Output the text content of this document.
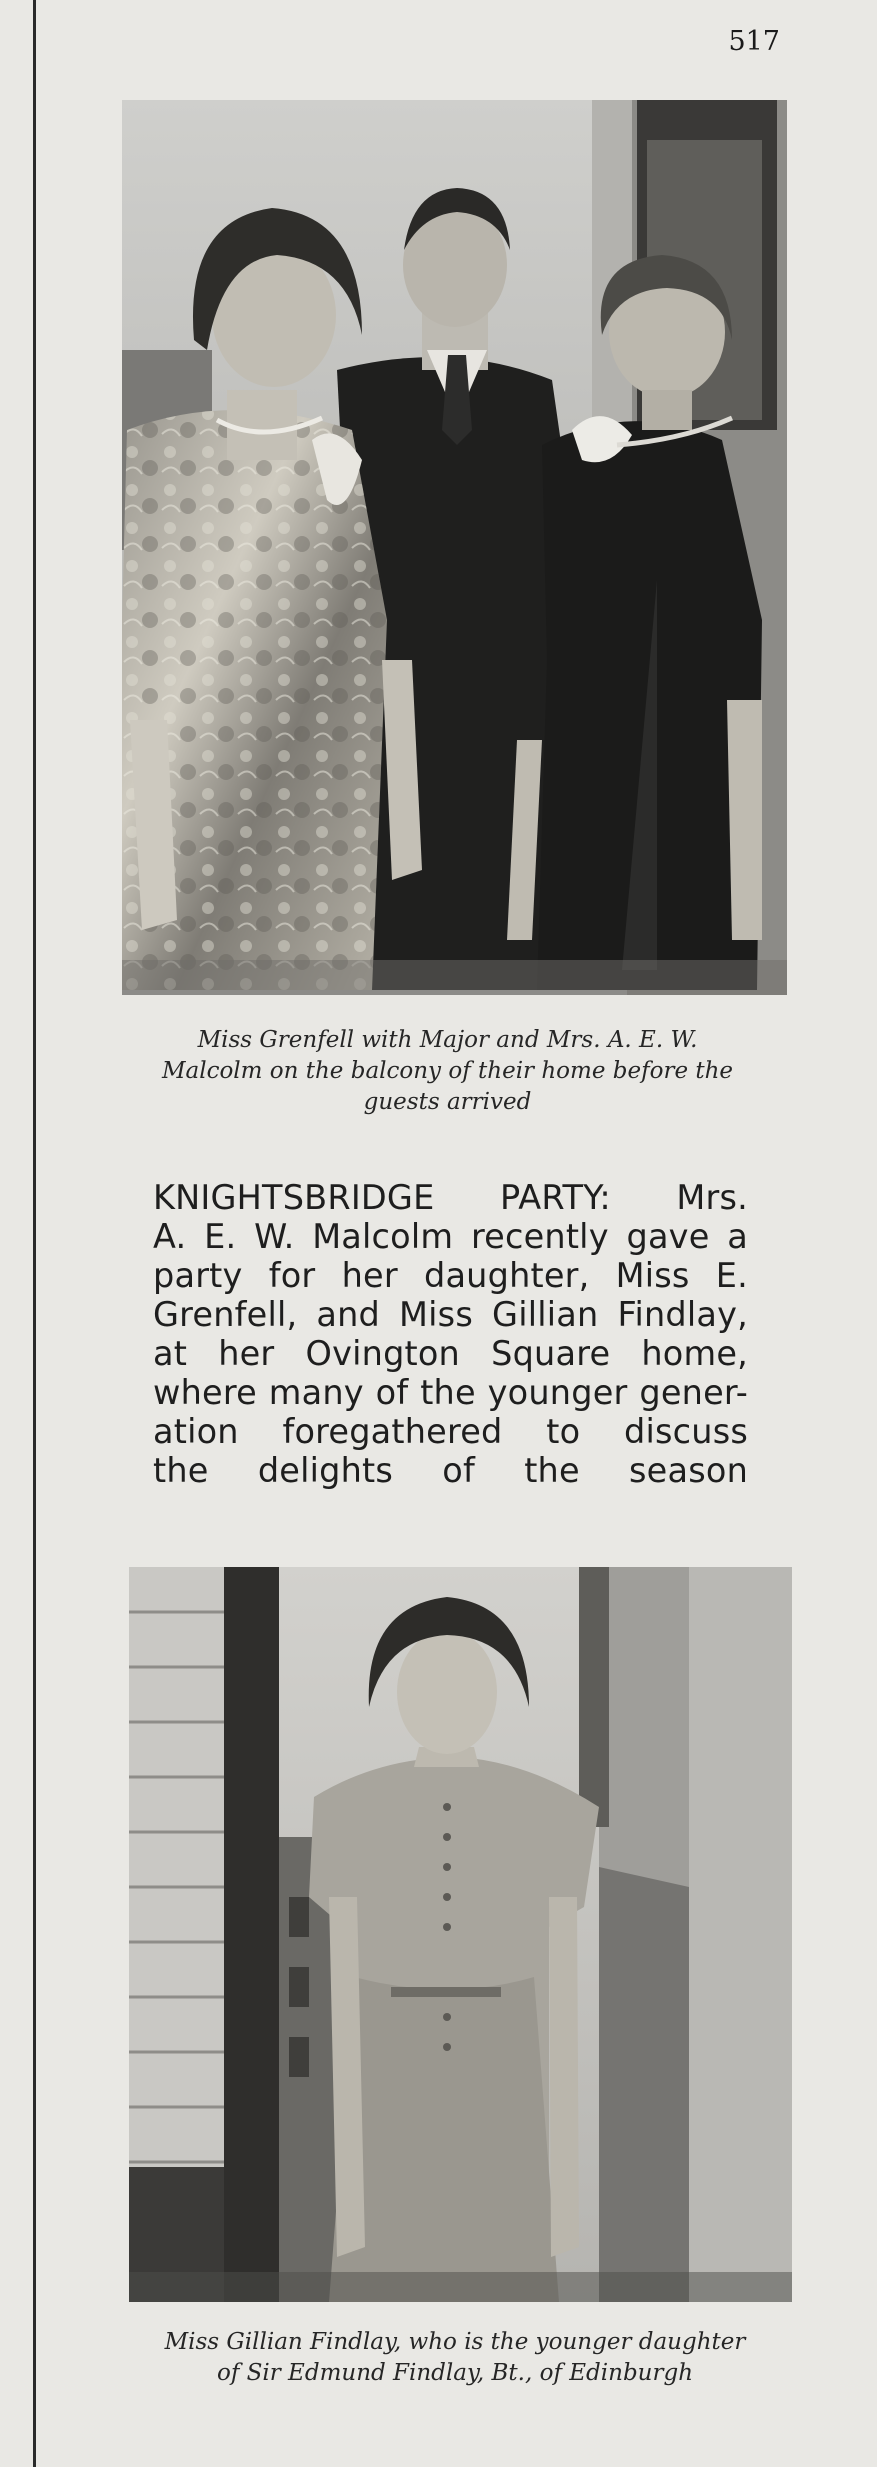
517
Miss Grenfell with Major and Mrs. A. E. W. Malcolm on the balcony of their home before the guests arrived
KNIGHTSBRIDGE PARTY: Mrs.
A. E. W. Malcolm recently gave a
party for her daughter, Miss E.
Grenfell, and Miss Gillian Findlay,
at her Ovington Square home,
where many of the younger gener-
ation foregathered to discuss
the delights of the season
Miss Gillian Findlay, who is the younger daughter of Sir Edmund Findlay, Bt., of Edinburgh
